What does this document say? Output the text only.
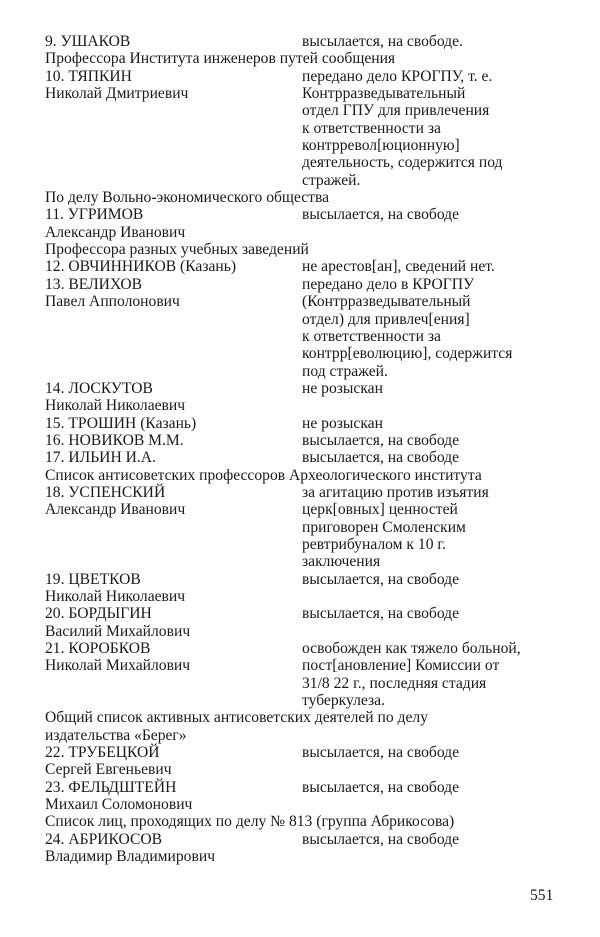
9. УШАКОВ	высылается, на свободе.
Профессора Института инженеров путей сообщения
10. ТЯПКИН	передано дело КРОГПУ, т. е.
Николай Дмитриевич	Контрразведывательный
отдел ГПУ для привлечения
к ответственности за
контрревол[юционную]
деятельность, содержится под
стражей.
По делу Вольно-экономического общества
11. УГРИМОВ	высылается, на свободе
Александр Иванович
Профессора разных учебных заведений
12. ОВЧИННИКОВ (Казань)	не арестов[ан], сведений нет.
13. ВЕЛИХОВ	передано дело в КРОГПУ
Павел Апполонович	(Контрразведывательный
отдел) для привлеч[ения]
к ответственности за
контрр[еволюцию], содержится
под стражей.
14. ЛОСКУТОВ	не розыскан
Николай Николаевич
15. ТРОШИН (Казань)	не розыскан
16. НОВИКОВ М.М.	высылается, на свободе
17. ИЛЬИН И.А.	высылается, на свободе
Список антисоветских профессоров Археологического института
18. УСПЕНСКИЙ	за агитацию против изъятия
Александр Иванович	церк[овных] ценностей
приговорен Смоленским
ревтрибуналом к 10 г.
заключения
19. ЦВЕТКОВ	высылается, на свободе
Николай Николаевич
20. БОРДЫГИН	высылается, на свободе
Василий Михайлович
21. КОРОБКОВ	освобожден как тяжело больной,
Николай Михайлович	пост[ановление] Комиссии от
31/8 22 г., последняя стадия
туберкулеза.
Общий список активных антисоветских деятелей по делу
издательства «Берег»
22. ТРУБЕЦКОЙ	высылается, на свободе
Сергей Евгеньевич
23. ФЕЛЬДШТЕЙН	высылается, на свободе
Михаил Соломонович
Список лиц, проходящих по делу № 813 (группа Абрикосова)
24. АБРИКОСОВ	высылается, на свободе
Владимир Владимирович
551
